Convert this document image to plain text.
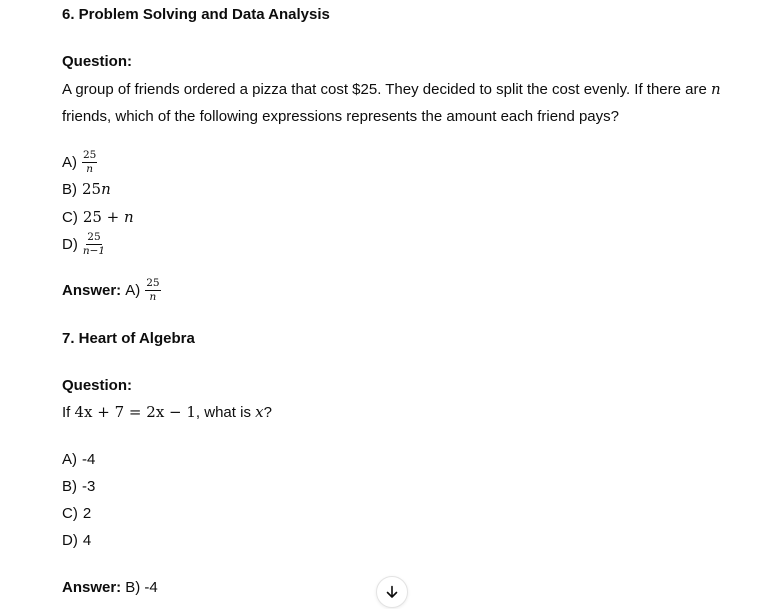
6. Problem Solving and Data Analysis
Question:
A group of friends ordered a pizza that cost $25. They decided to split the cost evenly. If there are n
friends, which of the following expressions represents the amount each friend pays?
$A) \frac{25}{n}$
B) 25 n
C) 25 + n
$D) \frac{25}{n-1}$
Answer: $A) \frac{25}{n}$
7. Heart of Algebra
Question:
If 4x + 7 = 2x − 1, what is x?
A) -4
B) -3
C) 2
D) 4
Answer: B) -4
